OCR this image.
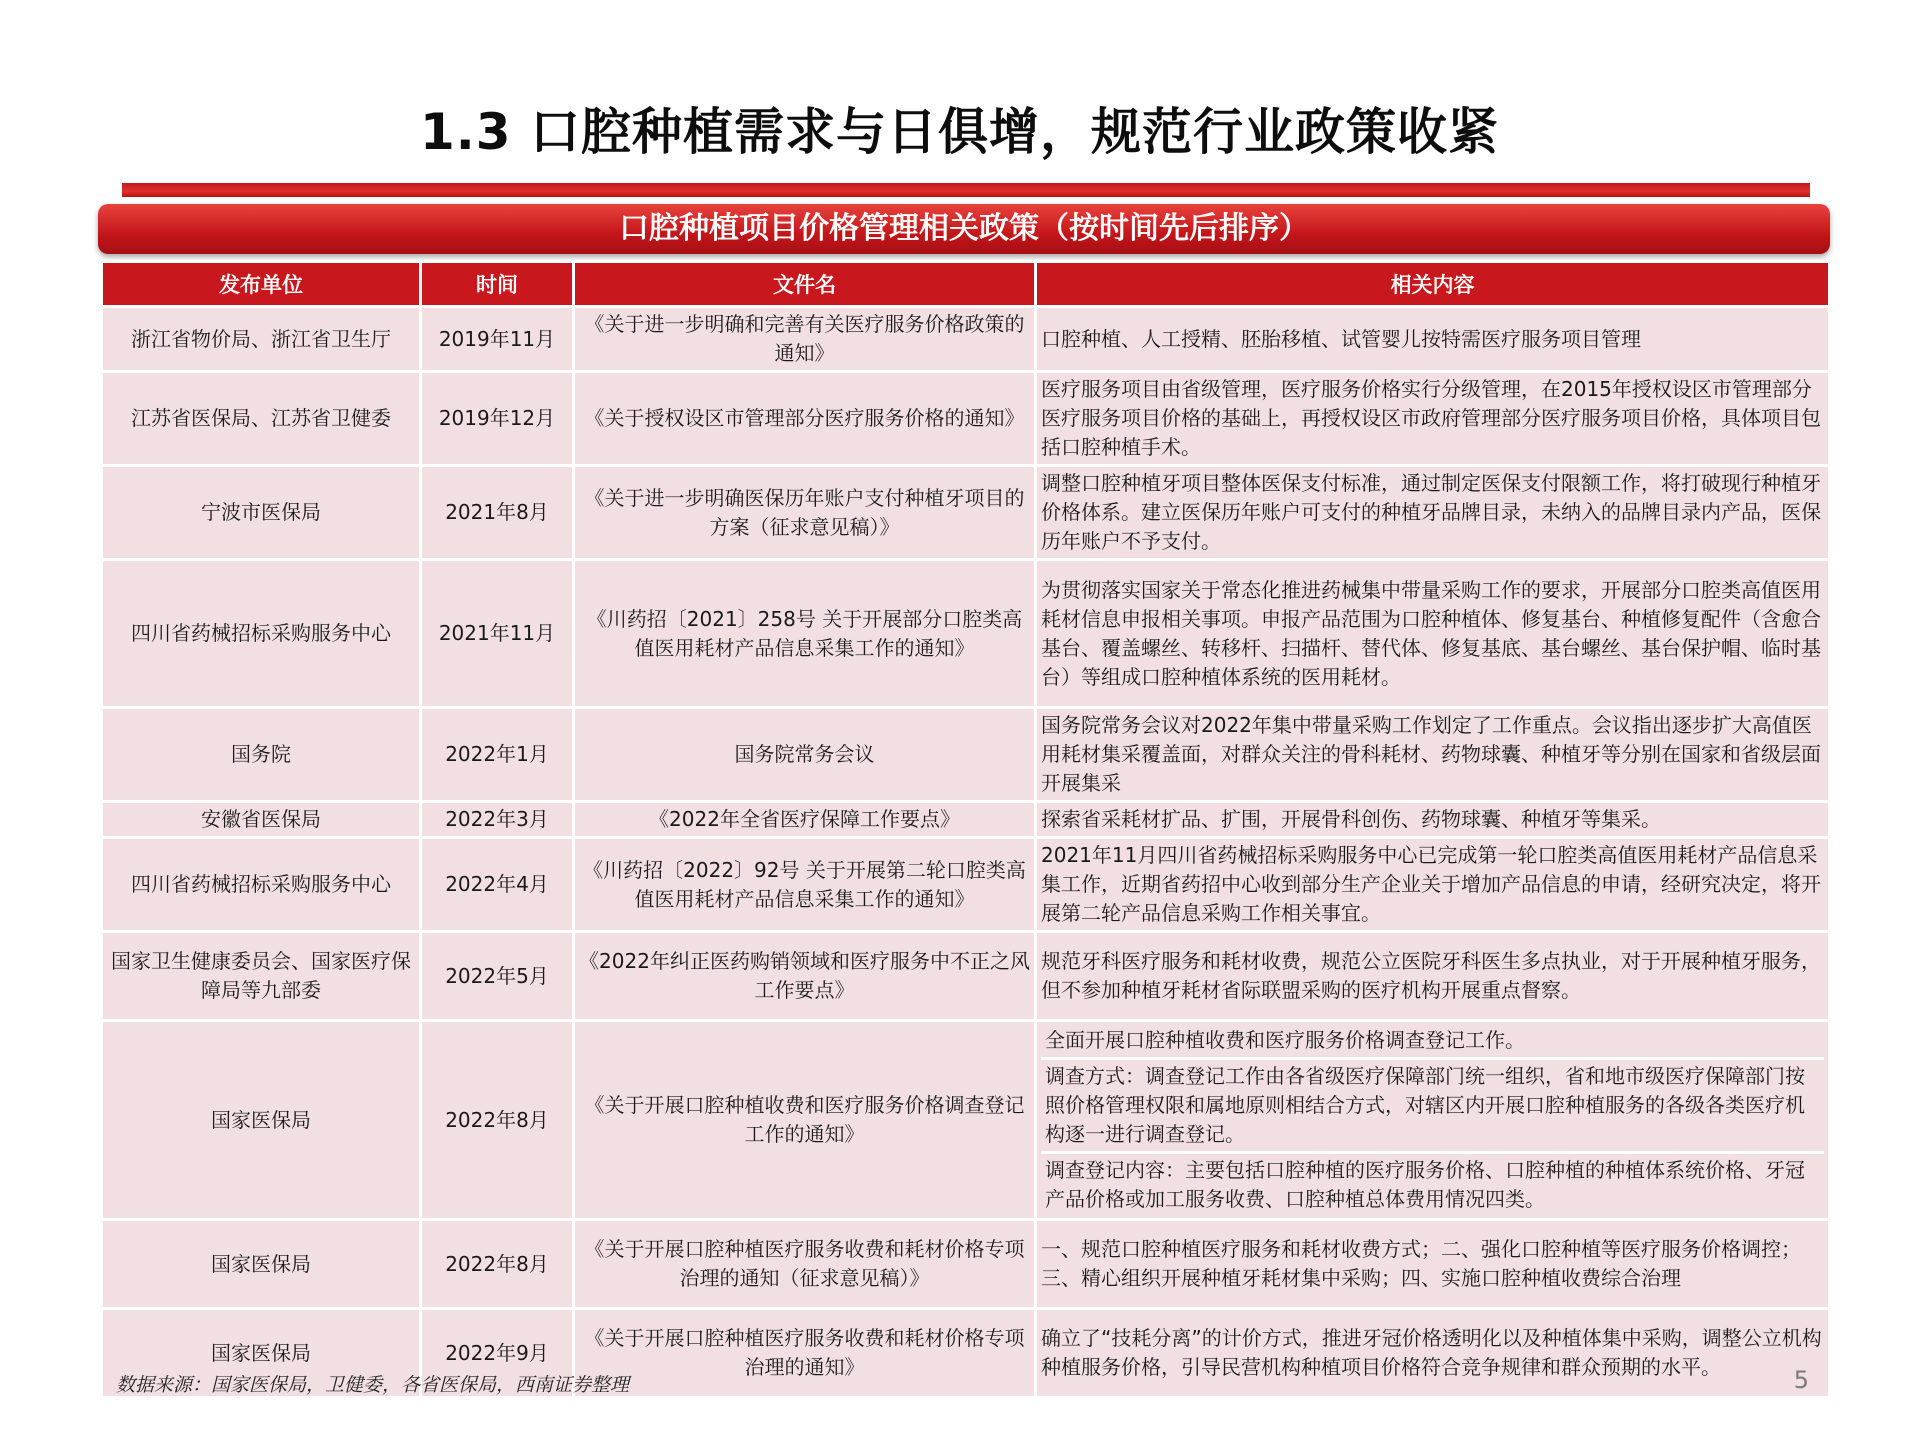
1.3 口腔种植需求与日俱增，规范行业政策收紧
口腔种植项目价格管理相关政策（按时间先后排序）
发布单位	时间	文件名	相关内容
浙江省物价局、浙江省卫生厅	2019年11月	《关于进一步明确和完善有关医疗服务价格政策的通知》	口腔种植、人工授精、胚胎移植、试管婴儿按特需医疗服务项目管理
江苏省医保局、江苏省卫健委	2019年12月	《关于授权设区市管理部分医疗服务价格的通知》	医疗服务项目由省级管理，医疗服务价格实行分级管理，在2015年授权设区市管理部分医疗服务项目价格的基础上，再授权设区市政府管理部分医疗服务项目价格，具体项目包括口腔种植手术。
宁波市医保局	2021年8月	《关于进一步明确医保历年账户支付种植牙项目的方案（征求意见稿）》	调整口腔种植牙项目整体医保支付标准，通过制定医保支付限额工作，将打破现行种植牙价格体系。建立医保历年账户可支付的种植牙品牌目录，未纳入的品牌目录内产品，医保历年账户不予支付。
四川省药械招标采购服务中心	2021年11月	《川药招〔2021〕258号 关于开展部分口腔类高值医用耗材产品信息采集工作的通知》	为贯彻落实国家关于常态化推进药械集中带量采购工作的要求，开展部分口腔类高值医用耗材信息申报相关事项。申报产品范围为口腔种植体、修复基台、种植修复配件（含愈合基台、覆盖螺丝、转移杆、扫描杆、替代体、修复基底、基台螺丝、基台保护帽、临时基台）等组成口腔种植体系统的医用耗材。
国务院	2022年1月	国务院常务会议	国务院常务会议对2022年集中带量采购工作划定了工作重点。会议指出逐步扩大高值医用耗材集采覆盖面，对群众关注的骨科耗材、药物球囊、种植牙等分别在国家和省级层面开展集采
安徽省医保局	2022年3月	《2022年全省医疗保障工作要点》	探索省采耗材扩品、扩围，开展骨科创伤、药物球囊、种植牙等集采。
四川省药械招标采购服务中心	2022年4月	《川药招〔2022〕92号 关于开展第二轮口腔类高值医用耗材产品信息采集工作的通知》	2021年11月四川省药械招标采购服务中心已完成第一轮口腔类高值医用耗材产品信息采集工作，近期省药招中心收到部分生产企业关于增加产品信息的申请，经研究决定，将开展第二轮产品信息采购工作相关事宜。
国家卫生健康委员会、国家医疗保障局等九部委	2022年5月	《2022年纠正医药购销领域和医疗服务中不正之风工作要点》	规范牙科医疗服务和耗材收费，规范公立医院牙科医生多点执业，对于开展种植牙服务，但不参加种植牙耗材省际联盟采购的医疗机构开展重点督察。
国家医保局	2022年8月	《关于开展口腔种植收费和医疗服务价格调查登记工作的通知》	全面开展口腔种植收费和医疗服务价格调查登记工作。
调查方式：调查登记工作由各省级医疗保障部门统一组织，省和地市级医疗保障部门按照价格管理权限和属地原则相结合方式，对辖区内开展口腔种植服务的各级各类医疗机构逐一进行调查登记。
调查登记内容：主要包括口腔种植的医疗服务价格、口腔种植的种植体系统价格、牙冠产品价格或加工服务收费、口腔种植总体费用情况四类。

国家医保局	2022年8月	《关于开展口腔种植医疗服务收费和耗材价格专项治理的通知（征求意见稿）》	一、规范口腔种植医疗服务和耗材收费方式；二、强化口腔种植等医疗服务价格调控；三、精心组织开展种植牙耗材集中采购；四、实施口腔种植收费综合治理
国家医保局	2022年9月	《关于开展口腔种植医疗服务收费和耗材价格专项治理的通知》	确立了“技耗分离”的计价方式，推进牙冠价格透明化以及种植体集中采购，调整公立机构种植服务价格，引导民营机构种植项目价格符合竞争规律和群众预期的水平。
数据来源：国家医保局，卫健委，各省医保局，西南证券整理	5
